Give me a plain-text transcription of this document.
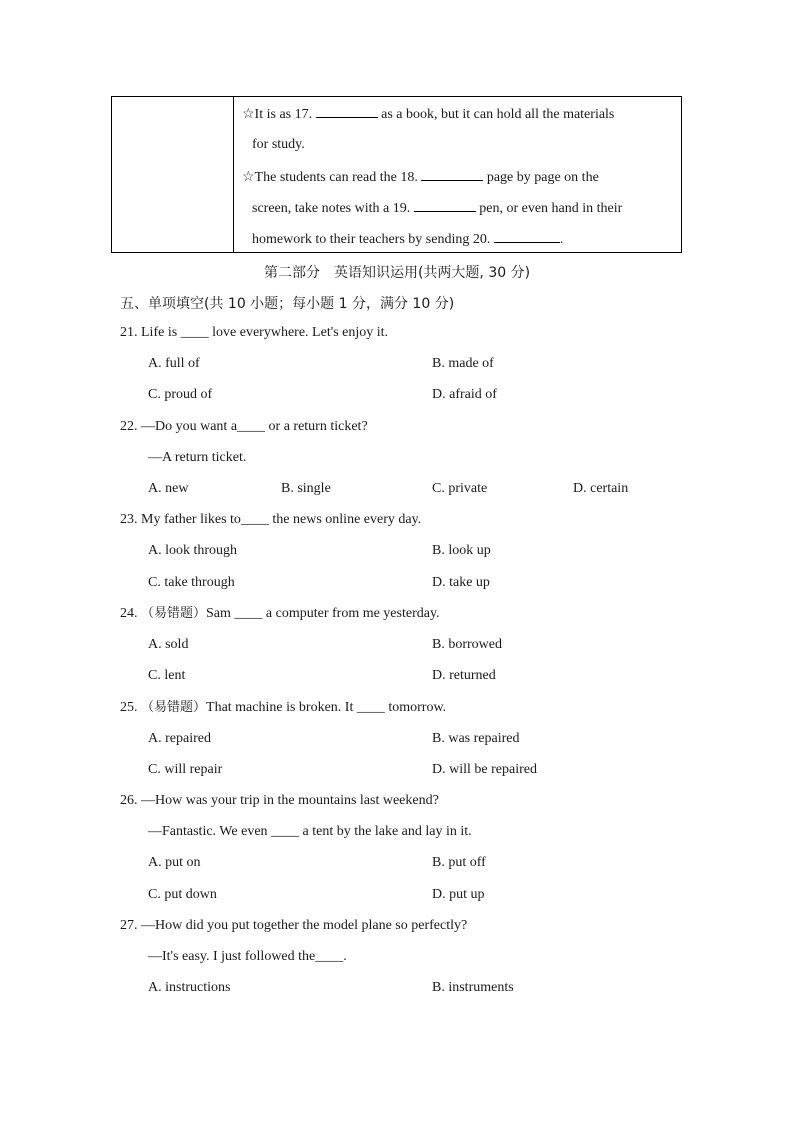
☆It is as 17.	as a book, but it can hold all the materials
for study.
☆The students can read the 18.	page by page on the
screen, take notes with a 19.	pen, or even hand in their
homework to their teachers by sending 20.	.
第二部分　英语知识运用(共两大题, 30 分)
五、单项填空(共 10 小题；每小题 1 分，满分 10 分)
21. Life is ____ love everywhere. Let's enjoy it.
A. full of	B. made of
C. proud of	D. afraid of
22. —Do you want a____ or a return ticket?
—A return ticket.
A. new	B. single	C. private	D. certain
23. My father likes to____ the news online every day.
A. look through	B. look up
C. take through	D. take up
24. （易错题）Sam ____ a computer from me yesterday.
A. sold	B. borrowed
C. lent	D. returned
25. （易错题）That machine is broken. It ____ tomorrow.
A. repaired	B. was repaired
C. will repair	D. will be repaired
26. —How was your trip in the mountains last weekend?
—Fantastic. We even ____ a tent by the lake and lay in it.
A. put on	B. put off
C. put down	D. put up
27. —How did you put together the model plane so perfectly?
—It's easy. I just followed the____.
A. instructions	B. instruments
